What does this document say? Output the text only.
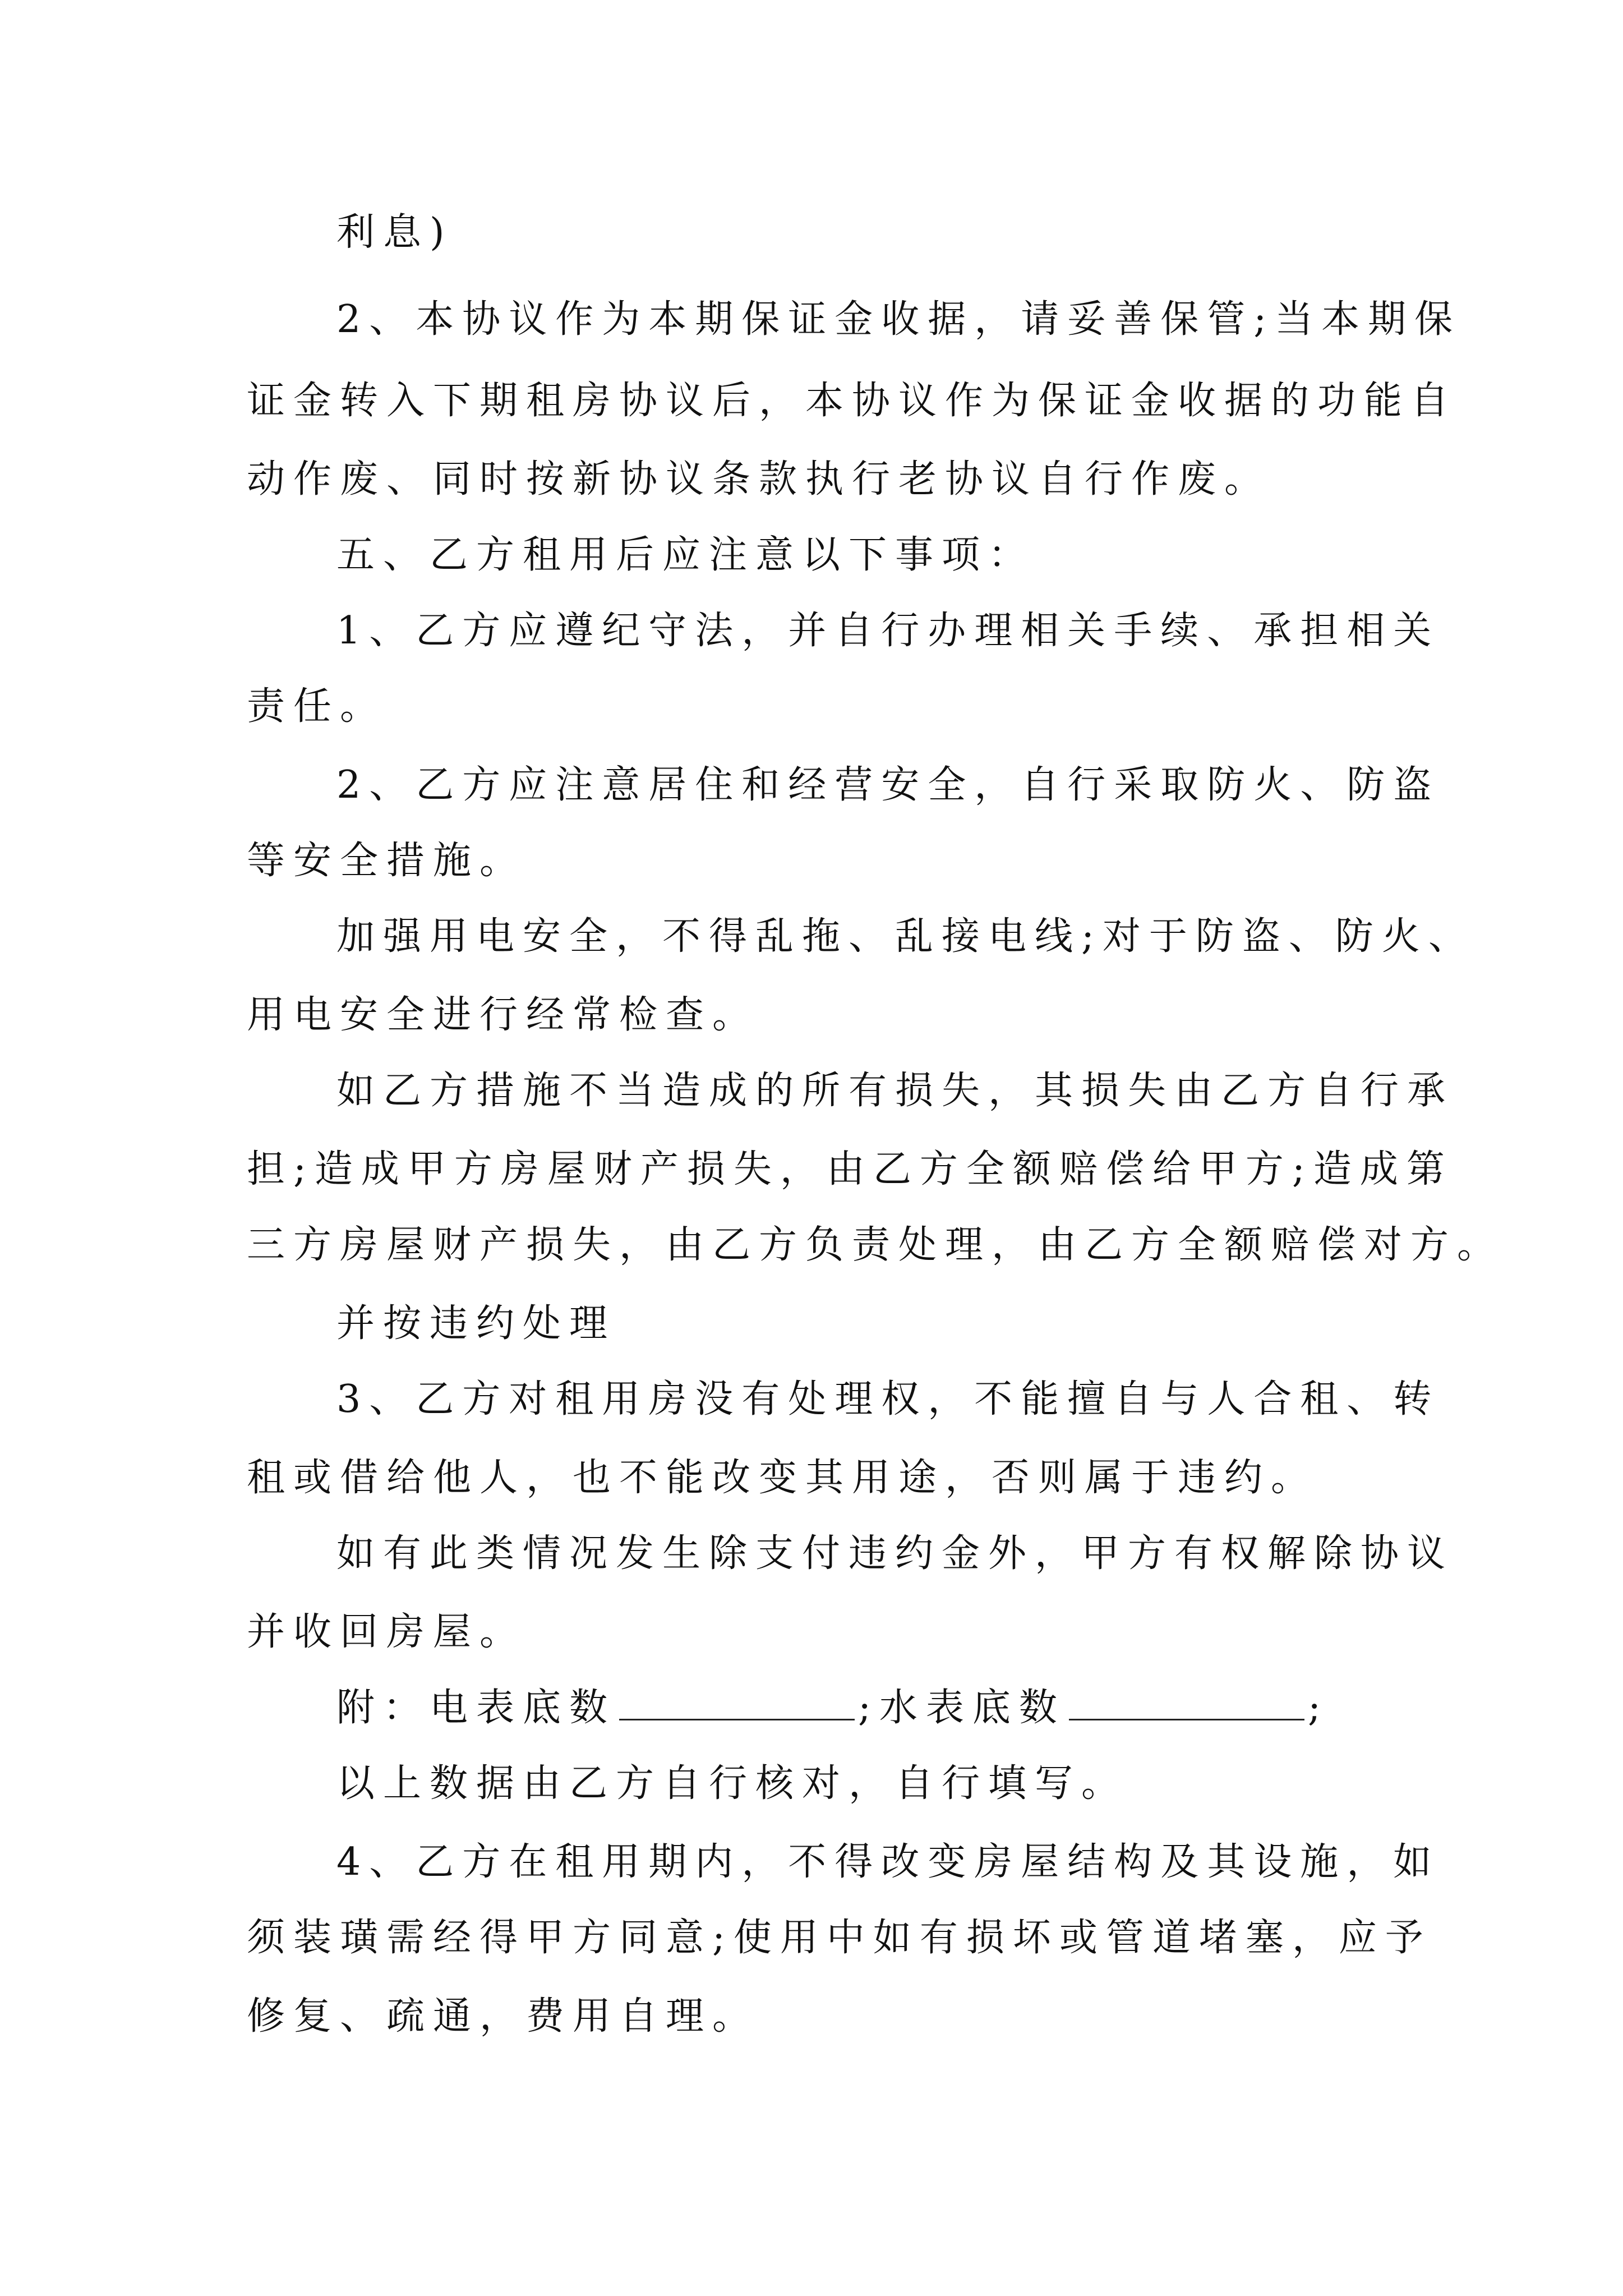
利息)

2、本协议作为本期保证金收据，请妥善保管;当本期保

证金转入下期租房协议后，本协议作为保证金收据的功能自

动作废、同时按新协议条款执行老协议自行作废。

五、乙方租用后应注意以下事项：

1、乙方应遵纪守法，并自行办理相关手续、承担相关

责任。

2、乙方应注意居住和经营安全，自行采取防火、防盗

等安全措施。

加强用电安全，不得乱拖、乱接电线;对于防盗、防火、

用电安全进行经常检查。

如乙方措施不当造成的所有损失，其损失由乙方自行承

担;造成甲方房屋财产损失，由乙方全额赔偿给甲方;造成第

三方房屋财产损失，由乙方负责处理，由乙方全额赔偿对方。

并按违约处理

3、乙方对租用房没有处理权，不能擅自与人合租、转

租或借给他人，也不能改变其用途，否则属于违约。

如有此类情况发生除支付违约金外，甲方有权解除协议

并收回房屋。

附：电表底数	;水表底数	;

以上数据由乙方自行核对，自行填写。

4、乙方在租用期内，不得改变房屋结构及其设施，如

须装璜需经得甲方同意;使用中如有损坏或管道堵塞，应予

修复、疏通，费用自理。
